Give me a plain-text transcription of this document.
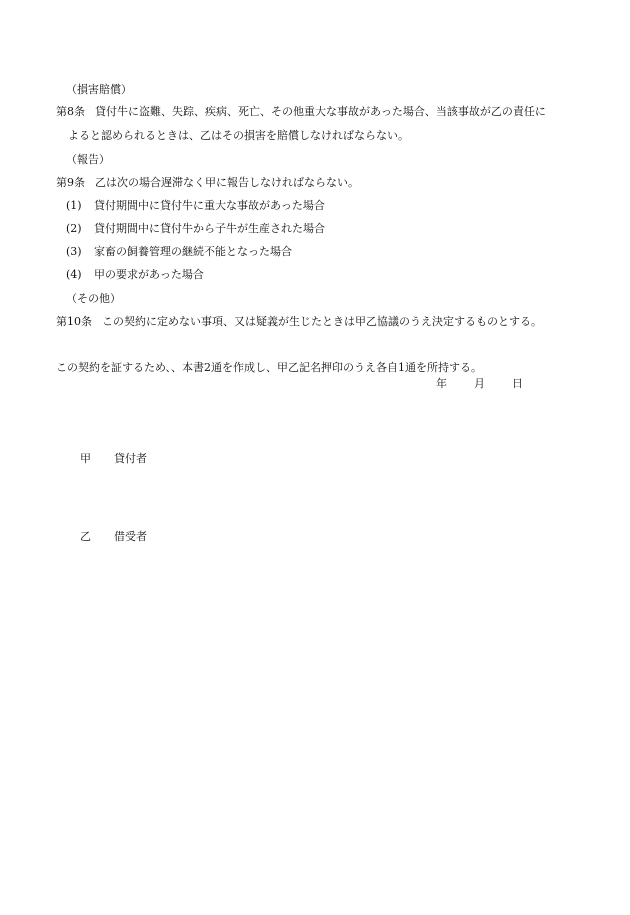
（損害賠償）
第8条 貸付牛に盗難、失踪、疾病、死亡、その他重大な事故があった場合、当該事故が乙の責任に
よると認められるときは、乙はその損害を賠償しなければならない。
（報告）
第9条 乙は次の場合遅滞なく甲に報告しなければならない。
(1) 貸付期間中に貸付牛に重大な事故があった場合
(2) 貸付期間中に貸付牛から子牛が生産された場合
(3) 家畜の飼養管理の継続不能となった場合
(4) 甲の要求があった場合
（その他）
第10条 この契約に定めない事項、又は疑義が生じたときは甲乙協議のうえ決定するものとする。
この契約を証するため、、本書2通を作成し、甲乙記名押印のうえ各自1通を所持する。
年 月 日
甲 貸付者
乙 借受者
